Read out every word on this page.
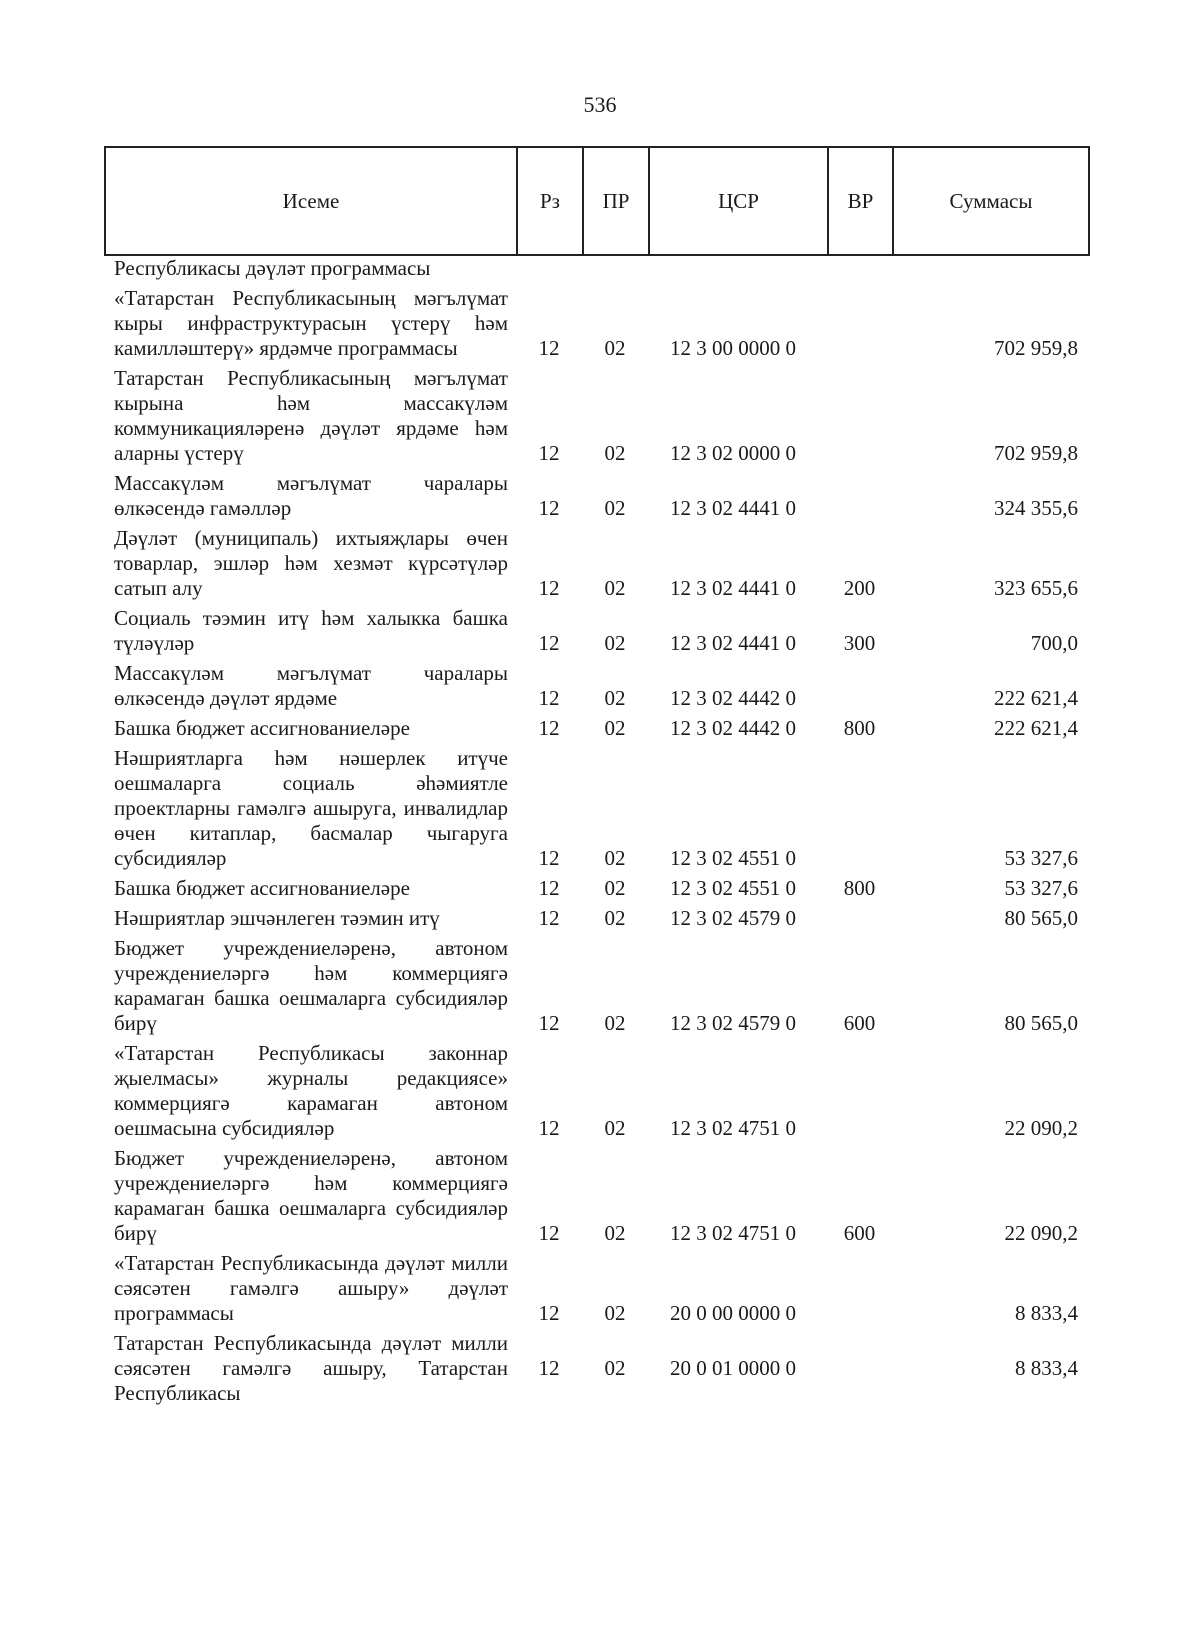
536
Исеме	Рз	ПР	ЦСР	ВР	Суммасы
Республикасы дәүләт программасы					
«Татарстан Республикасының мәгълүмат кыры инфраструктурасын үстерү һәм камилләштерү» ярдәмче программасы	12	02	12 3 00 0000 0		702 959,8
Татарстан Республикасының мәгълүмат кырына һәм массакүләм коммуникацияләренә дәүләт ярдәме һәм аларны үстерү	12	02	12 3 02 0000 0		702 959,8
Массакүләм мәгълүмат чаралары өлкәсендә гамәлләр	12	02	12 3 02 4441 0		324 355,6
Дәүләт (муниципаль) ихтыяҗлары өчен товарлар, эшләр һәм хезмәт күрсәтүләр сатып алу	12	02	12 3 02 4441 0	200	323 655,6
Социаль тәэмин итү һәм халыкка башка түләүләр	12	02	12 3 02 4441 0	300	700,0
Массакүләм мәгълүмат чаралары өлкәсендә дәүләт ярдәме	12	02	12 3 02 4442 0		222 621,4
Башка бюджет ассигнованиеләре	12	02	12 3 02 4442 0	800	222 621,4
Нәшриятларга һәм нәшерлек итүче оешмаларга социаль әһәмиятле проектларны гамәлгә ашыруга, инвалидлар өчен китаплар, басмалар чыгаруга субсидияләр	12	02	12 3 02 4551 0		53 327,6
Башка бюджет ассигнованиеләре	12	02	12 3 02 4551 0	800	53 327,6
Нәшриятлар эшчәнлеген тәэмин итү	12	02	12 3 02 4579 0		80 565,0
Бюджет учреждениеләренә, автоном учреждениеләргә һәм коммерциягә карамаган башка оешмаларга субсидияләр бирү	12	02	12 3 02 4579 0	600	80 565,0
«Татарстан Республикасы законнар җыелмасы» журналы редакциясе» коммерциягә карамаган автоном оешмасына субсидияләр	12	02	12 3 02 4751 0		22 090,2
Бюджет учреждениеләренә, автоном учреждениеләргә һәм коммерциягә карамаган башка оешмаларга субсидияләр бирү	12	02	12 3 02 4751 0	600	22 090,2
«Татарстан Республикасында дәүләт милли сәясәтен гамәлгә ашыру» дәүләт программасы	12	02	20 0 00 0000 0		8 833,4
Татарстан Республикасында дәүләт милли сәясәтен гамәлгә ашыру, Татарстан Республикасы	12	02	20 0 01 0000 0		8 833,4
